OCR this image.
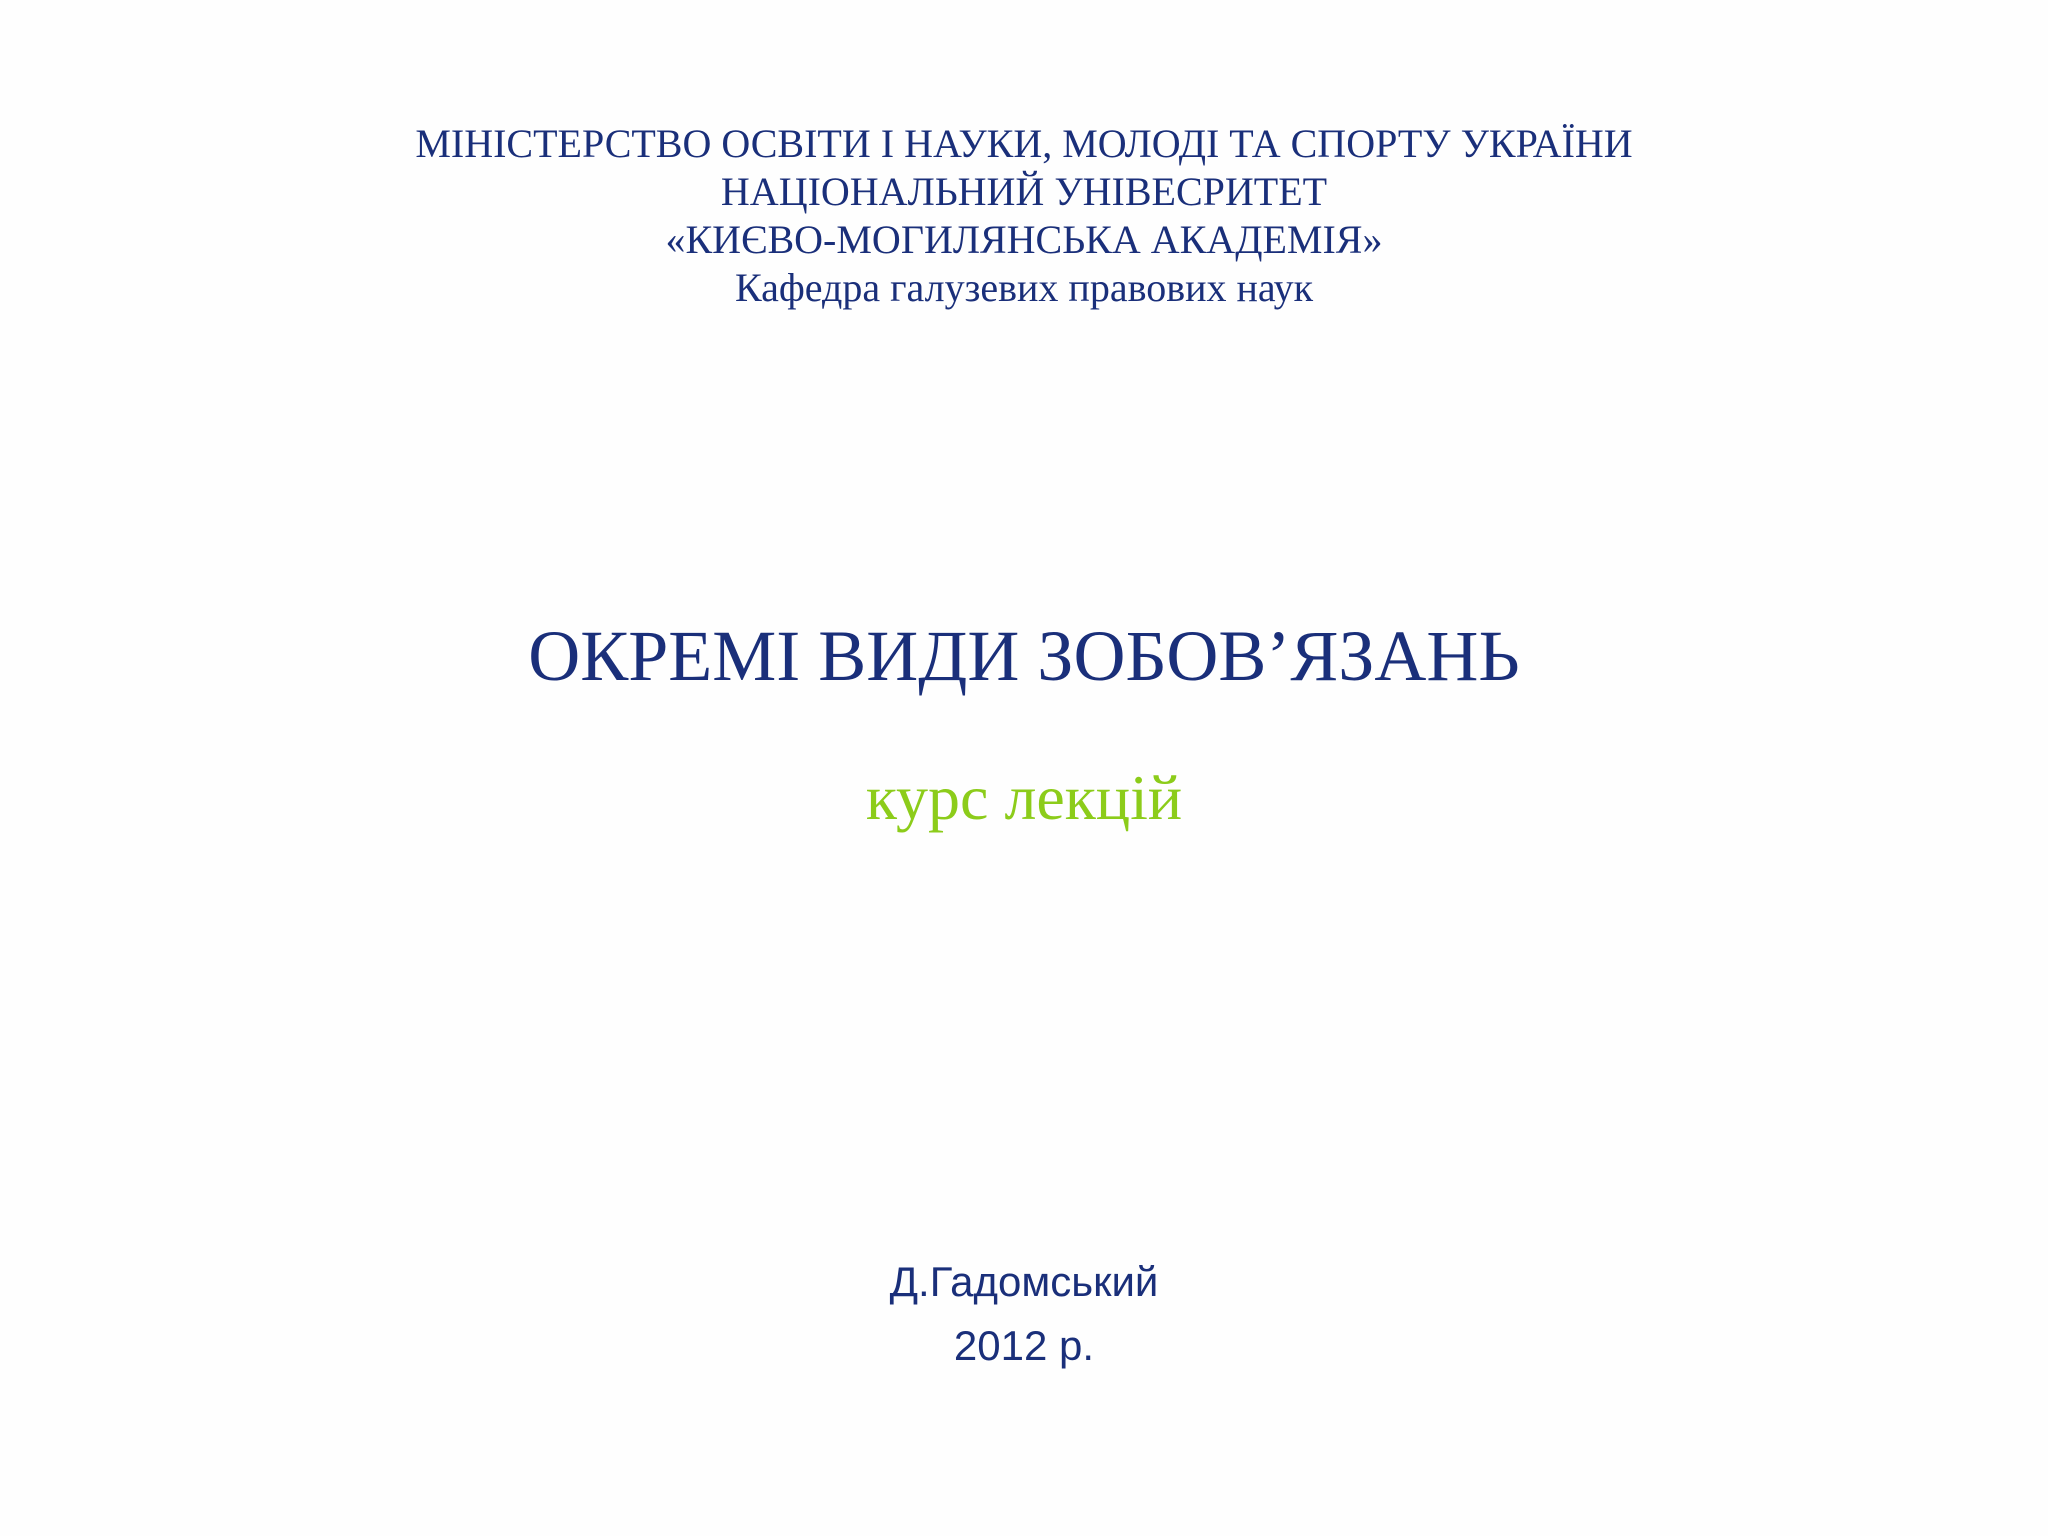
МІНІСТЕРСТВО ОСВІТИ І НАУКИ, МОЛОДІ ТА СПОРТУ УКРАЇНИ
НАЦІОНАЛЬНИЙ УНІВЕСРИТЕТ
«КИЄВО-МОГИЛЯНСЬКА АКАДЕМІЯ»
Кафедра галузевих правових наук
ОКРЕМІ ВИДИ ЗОБОВ’ЯЗАНЬ
курс лекцій
Д.Гадомський
2012 р.
